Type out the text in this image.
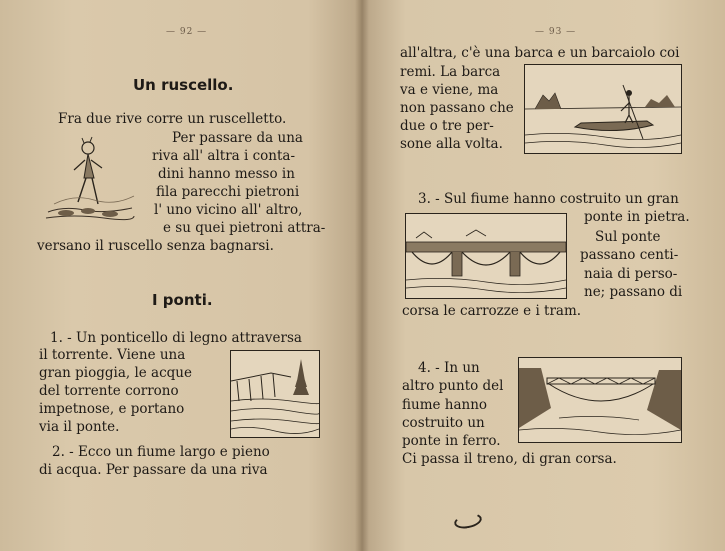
— 92 —
Un ruscello.
Fra due rive corre un ruscelletto.
Per passare da una
riva all' altra i conta-
dini hanno messo in
fila parecchi pietroni
l' uno vicino all' altro,
e su quei pietroni attra-
versano il ruscello senza bagnarsi.
I ponti.
1. - Un ponticello di legno attraversa
il torrente. Viene una
gran pioggia, le acque
del torrente corrono
impetnose, e portano
via il ponte.
2. - Ecco un fiume largo e pieno
di acqua. Per passare da una riva
— 93 —
all'altra, c'è una barca e un barcaiolo coi
remi. La barca
va e viene, ma
non passano che
due o tre per-
sone alla volta.
3. - Sul fiume hanno costruito un gran
ponte in pietra.
Sul ponte
passano centi-
naia di perso-
ne; passano di
corsa le carrozze e i tram.
4. - In un
altro punto del
fiume hanno
costruito un
ponte in ferro.
Ci passa il treno, di gran corsa.
